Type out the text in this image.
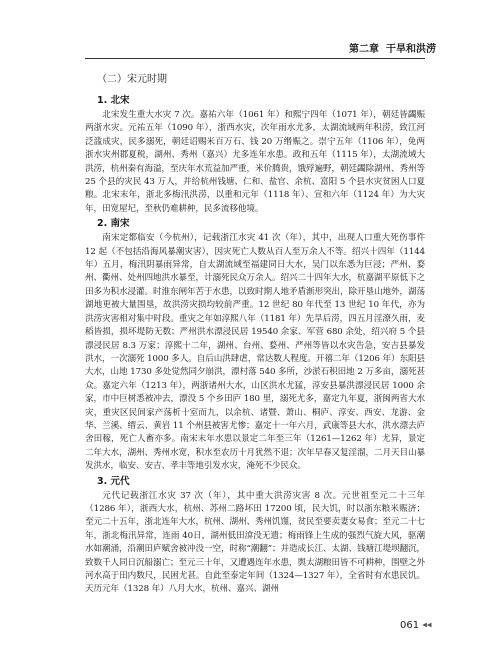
第二章 干旱和洪涝
（二）宋元时期
1. 北宋

北宋发生重大水灾 7 次。嘉祐六年（1061 年）和熙宁四年（1071 年），朝廷皆蠲赈两浙水灾。元祐五年（1090 年），浙西水灾，次年雨水尤多，太湖流域两年积涝，致江河泛滥成灾，民多溺死，朝廷诏赐米百万石、钱 20 万缗赈之。崇宁五年（1106 年），免两浙水灾州郡夏税，湖州、秀州（嘉兴）尤多连年水患。政和五年（1115 年），太湖流域大洪涝，杭州秦有海溢，至庆年水荒益加严重，米价腾贵，饿殍遍野，朝廷蠲除湖州、秀州等 25 个县的灾民 43 万人，并给杭州钱塘、仁和、盐官、余杭、富阳 5 个县水灾贫困人口夏粮。北宋末年，浙北多梅汛洪涝，以重和元年（1118 年）、宣和六年（1124 年）为大灾年，田宽屋圮，至秋仍难耕种，民多流移他境。

2. 南宋

南宋定都临安（今杭州），记载浙江水灾 41 次（年），其中，出现人口重大死伤事件 12 起（不包括沿海风暴潮灾害），因灾死亡人数从百人至万余人不等。绍兴十四年（1144 年）五月，梅汛阴暴雨异常，自太湖流域至福建同日大水，吴门以东悉为巨浸；严州、婺州、衢州、处州四地洪水暴至，计溺死民众万余人。绍兴二十四年大水，杭嘉湖平原低下之田多为积水浸灌。时淮东闸年苦于水患，以致时期人地矛盾渐形突出，除开垦山地外，湖荡湖地更被大量围垦，故洪涝灾损均较前严重。12 世纪 80 年代至 13 世纪 10 年代，亦为洪涝灾害相对集中时段。重灾之年如淳熙八年（1181 年）先旱后涝，四五月淫潦久雨，麦稻皆损，损坏堤防无数；严州洪水漂浸民居 19540 余家、军营 680 余处，绍兴府 5 个县漂浸民居 8.3 万家；淳熙十二年，湖州、台州、婺州、严州等皆以水灾告急，安吉县暴发洪水，一次溺死 1000 多人。自后山洪肆虐，常达数人程度。开禧二年（1206 年）东阳县大水，山地 1730 多处觉然同夕崩洪，漂村落 540 多所，沙淤石积田地 2 万多亩，溺死甚众。嘉定六年（1213 年），两浙诸州大水，山区洪水尤猛，淳安县暴洪漂浸民居 1000 余家，市中巨树悉被冲去，漂没 5 个乡田庐 180 里，溺死尤多，嘉定九年夏，浙闽两省大水灾，重灾区民间家产荡析十室而九，以余杭、诸暨、萧山、桐庐、淳安、西安、龙游、金华、兰溪、缙云、黄岩 11 个州县被害尤惨；嘉定十一年六月，武康等县大水，洪水漂去庐舍田稼，死亡人畜亦多。南宋末年水患以景定二年至三年（1261—1262 年）尤异，景定二年大水，湖州、秀州水宽，积水至农历十月犹然不退；次年早春又复淫溜，二月天目山暴发洪水，临安、安吉、孝丰等地引发水灾，淹死不少民众。

3. 元代

元代记载浙江水灾 37 次（年），其中重大洪涝灾害 8 次。元世祖至元二十三年（1286 年），浙西大水，杭州、苏州二路坏田 17200 顷，民大饥，时以浙东粮米赈济；至元二十五年，浙北连年大水，杭州、湖州、秀州饥馑，贫民至要卖妻女易食；至元二十七年，浙北梅汛异常，连雨 40日，湖州低田渰没无遗；梅雨锋上生成的强烈气旋大风，驱潮水如潮涌，沿潮田庐赋舍被冲没一空，时称“潮翻”；并造成长江、太湖、钱塘江堤坝翻沉，致数千人同日沉船溺亡；至元三十年，又遭遇连年水患，舆太湖粮田皆不可耕种，围壁之外河水高于田内数尺，民困尤甚。自此至泰定年间（1324—1327 年），全省时有水患民饥。天历元年（1328 年）八月大水，杭州、嘉兴、湖州

061 ◀◀
